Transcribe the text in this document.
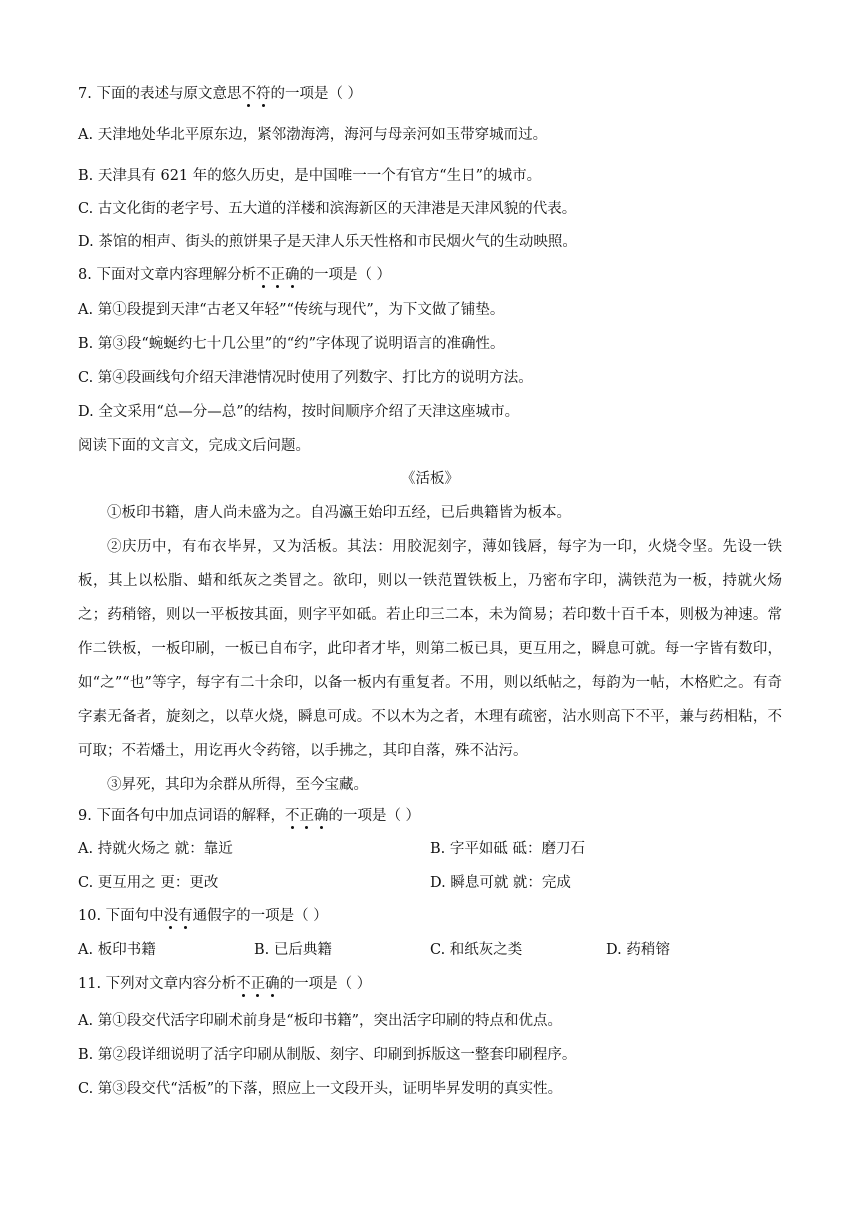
7. 下面的表述与原文意思不符的一项是（ ）
A. 天津地处华北平原东边，紧邻渤海湾，海河与母亲河如玉带穿城而过。
B. 天津具有 621 年的悠久历史，是中国唯一一个有官方“生日”的城市。
C. 古文化街的老字号、五大道的洋楼和滨海新区的天津港是天津风貌的代表。
D. 茶馆的相声、街头的煎饼果子是天津人乐天性格和市民烟火气的生动映照。
8. 下面对文章内容理解分析不正确的一项是（ ）
A. 第①段提到天津“古老又年轻”“传统与现代”，为下文做了铺垫。
B. 第③段“蜿蜒约七十几公里”的“约”字体现了说明语言的准确性。
C. 第④段画线句介绍天津港情况时使用了列数字、打比方的说明方法。
D. 全文采用“总—分—总”的结构，按时间顺序介绍了天津这座城市。
阅读下面的文言文，完成文后问题。
《活板》
①板印书籍，唐人尚未盛为之。自冯瀛王始印五经，已后典籍皆为板本。
②庆历中，有布衣毕昇，又为活板。其法：用胶泥刻字，薄如钱唇，每字为一印，火烧令坚。先设一铁板，其上以松脂、蜡和纸灰之类冒之。欲印，则以一铁范置铁板上，乃密布字印，满铁范为一板，持就火炀之；药稍镕，则以一平板按其面，则字平如砥。若止印三二本，未为简易；若印数十百千本，则极为神速。常作二铁板，一板印刷，一板已自布字，此印者才毕，则第二板已具，更互用之，瞬息可就。每一字皆有数印，如“之”“也”等字，每字有二十余印，以备一板内有重复者。不用，则以纸帖之，每韵为一帖，木格贮之。有奇字素无备者，旋刻之，以草火烧，瞬息可成。不以木为之者，木理有疏密，沾水则高下不平，兼与药相粘，不可取；不若燔土，用讫再火令药镕，以手拂之，其印自落，殊不沾污。
③昇死，其印为余群从所得，至今宝藏。
9. 下面各句中加点词语的解释，不正确的一项是（ ）
A. 持就火炀之 就：靠近	B. 字平如砥 砥：磨刀石
C. 更互用之 更：更改	D. 瞬息可就 就：完成
10. 下面句中没有通假字的一项是（ ）
A. 板印书籍	B. 已后典籍	C. 和纸灰之类	D. 药稍镕
11. 下列对文章内容分析不正确的一项是（ ）
A. 第①段交代活字印刷术前身是“板印书籍”，突出活字印刷的特点和优点。
B. 第②段详细说明了活字印刷从制版、刻字、印刷到拆版这一整套印刷程序。
C. 第③段交代“活板”的下落，照应上一文段开头，证明毕昇发明的真实性。
